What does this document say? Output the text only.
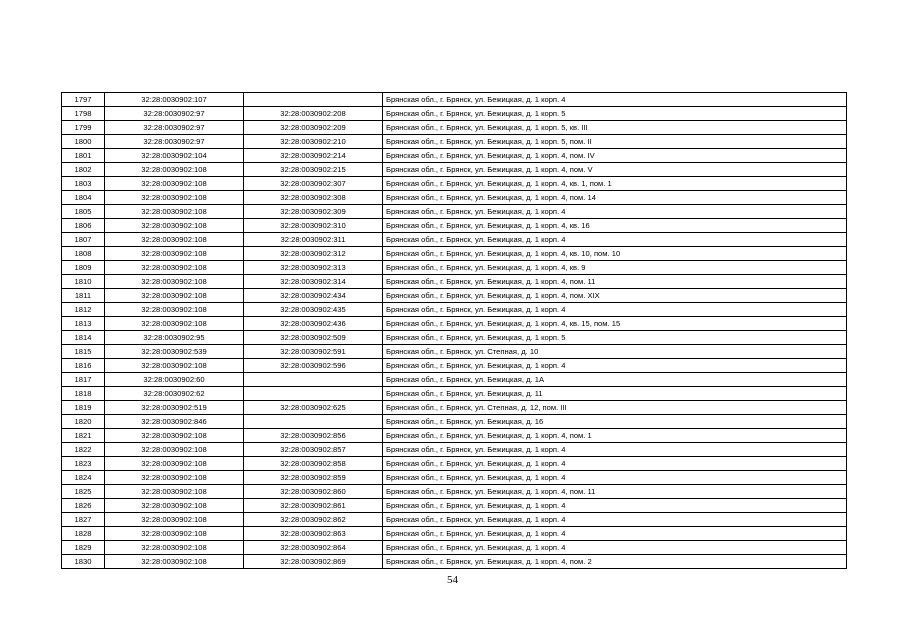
1797	32:28:0030902:107		Брянская обл., г. Брянск, ул. Бежицкая, д. 1 корп. 4
1798	32:28:0030902:97	32:28:0030902:208	Брянская обл., г. Брянск, ул. Бежицкая, д. 1 корп. 5
1799	32:28:0030902:97	32:28:0030902:209	Брянская обл., г. Брянск, ул. Бежицкая, д. 1 корп. 5, кв. III
1800	32:28:0030902:97	32:28:0030902:210	Брянская обл., г. Брянск, ул. Бежицкая, д. 1 корп. 5, пом. II
1801	32:28:0030902:104	32:28:0030902:214	Брянская обл., г. Брянск, ул. Бежицкая, д. 1 корп. 4, пом. IV
1802	32:28:0030902:108	32:28:0030902:215	Брянская обл., г. Брянск, ул. Бежицкая, д. 1 корп. 4, пом. V
1803	32:28:0030902:108	32:28:0030902:307	Брянская обл., г. Брянск, ул. Бежицкая, д. 1 корп. 4, кв. 1, пом. 1
1804	32:28:0030902:108	32:28:0030902:308	Брянская обл., г. Брянск, ул. Бежицкая, д. 1 корп. 4, пом. 14
1805	32:28:0030902:108	32:28:0030902:309	Брянская обл., г. Брянск, ул. Бежицкая, д. 1 корп. 4
1806	32:28:0030902:108	32:28:0030902:310	Брянская обл., г. Брянск, ул. Бежицкая, д. 1 корп. 4, кв. 16
1807	32:28:0030902:108	32:28:0030902:311	Брянская обл., г. Брянск, ул. Бежицкая, д. 1 корп. 4
1808	32:28:0030902:108	32:28:0030902:312	Брянская обл., г. Брянск, ул. Бежицкая, д. 1 корп. 4, кв. 10, пом. 10
1809	32:28:0030902:108	32:28:0030902:313	Брянская обл., г. Брянск, ул. Бежицкая, д. 1 корп. 4, кв. 9
1810	32:28:0030902:108	32:28:0030902:314	Брянская обл., г. Брянск, ул. Бежицкая, д. 1 корп. 4, пом. 11
1811	32:28:0030902:108	32:28:0030902:434	Брянская обл., г. Брянск, ул. Бежицкая, д. 1 корп. 4, пом. XIX
1812	32:28:0030902:108	32:28:0030902:435	Брянская обл., г. Брянск, ул. Бежицкая, д. 1 корп. 4
1813	32:28:0030902:108	32:28:0030902:436	Брянская обл., г. Брянск, ул. Бежицкая, д. 1 корп. 4, кв. 15, пом. 15
1814	32:28:0030902:95	32:28:0030902:509	Брянская обл., г. Брянск, ул. Бежицкая, д. 1 корп. 5
1815	32:28:0030902:539	32:28:0030902:591	Брянская обл., г. Брянск, ул. Степная, д. 10
1816	32:28:0030902:108	32:28:0030902:596	Брянская обл., г. Брянск, ул. Бежицкая, д. 1 корп. 4
1817	32:28:0030902:60		Брянская обл., г. Брянск, ул. Бежицкая, д. 1А
1818	32:28:0030902:62		Брянская обл., г. Брянск, ул. Бежицкая, д. 11
1819	32:28:0030902:519	32:28:0030902:625	Брянская обл., г. Брянск, ул. Степная, д. 12, пом. III
1820	32:28:0030902:846		Брянская обл., г. Брянск, ул. Бежицкая, д. 16
1821	32:28:0030902:108	32:28:0030902:856	Брянская обл., г. Брянск, ул. Бежицкая, д. 1 корп. 4, пом. 1
1822	32:28:0030902:108	32:28:0030902:857	Брянская обл., г. Брянск, ул. Бежицкая, д. 1 корп. 4
1823	32:28:0030902:108	32:28:0030902:858	Брянская обл., г. Брянск, ул. Бежицкая, д. 1 корп. 4
1824	32:28:0030902:108	32:28:0030902:859	Брянская обл., г. Брянск, ул. Бежицкая, д. 1 корп. 4
1825	32:28:0030902:108	32:28:0030902:860	Брянская обл., г. Брянск, ул. Бежицкая, д. 1 корп. 4, пом. 11
1826	32:28:0030902:108	32:28:0030902:861	Брянская обл., г. Брянск, ул. Бежицкая, д. 1 корп. 4
1827	32:28:0030902:108	32:28:0030902:862	Брянская обл., г. Брянск, ул. Бежицкая, д. 1 корп. 4
1828	32:28:0030902:108	32:28:0030902:863	Брянская обл., г. Брянск, ул. Бежицкая, д. 1 корп. 4
1829	32:28:0030902:108	32:28:0030902:864	Брянская обл., г. Брянск, ул. Бежицкая, д. 1 корп. 4
1830	32:28:0030902:108	32:28:0030902:869	Брянская обл., г. Брянск, ул. Бежицкая, д. 1 корп. 4, пом. 2
54
